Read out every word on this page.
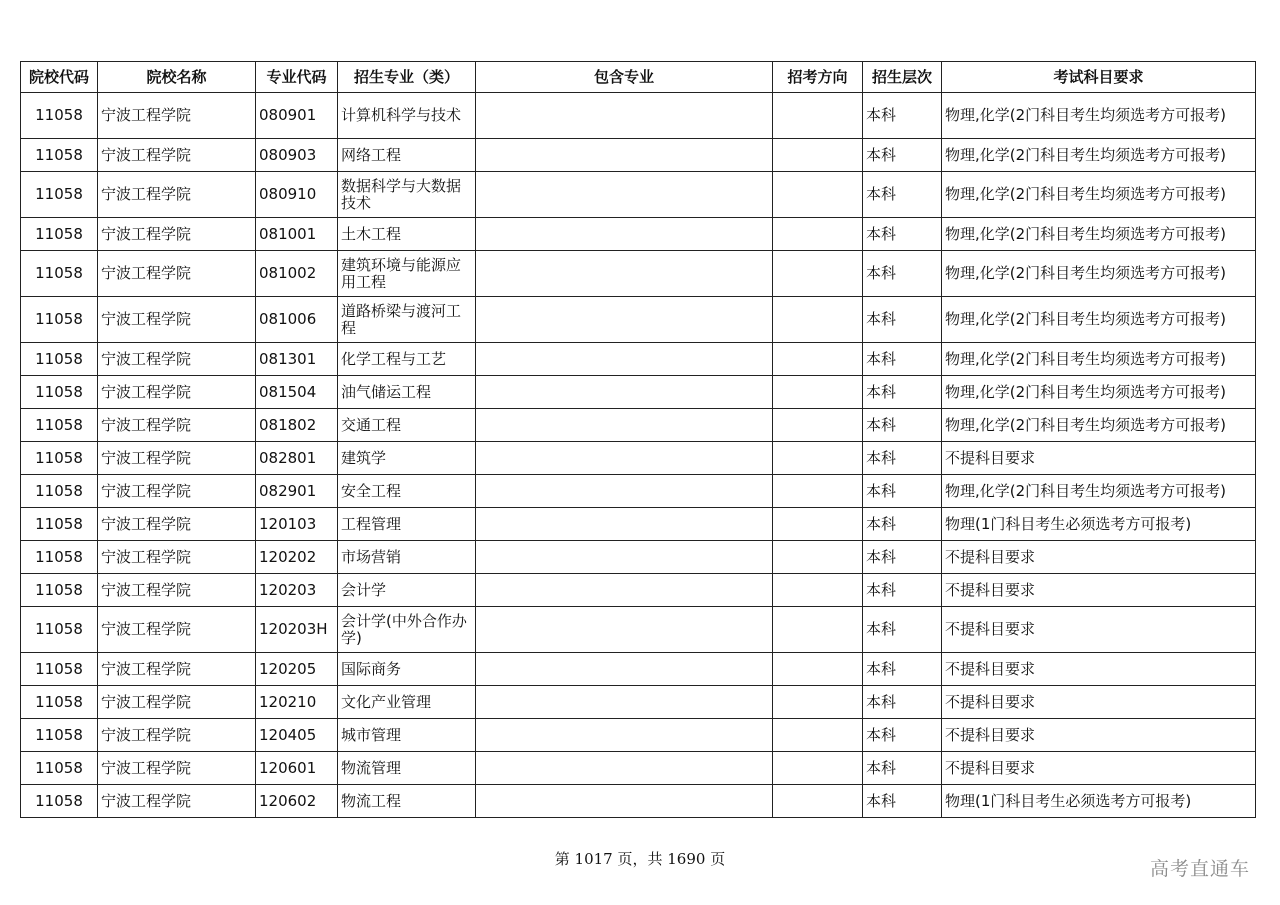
院校代码	院校名称	专业代码	招生专业（类）	包含专业	招考方向	招生层次	考试科目要求
11058	宁波工程学院	080901	计算机科学与技术			本科	物理,化学(2门科目考生均须选考方可报考)
11058	宁波工程学院	080903	网络工程			本科	物理,化学(2门科目考生均须选考方可报考)
11058	宁波工程学院	080910	数据科学与大数据技术			本科	物理,化学(2门科目考生均须选考方可报考)
11058	宁波工程学院	081001	土木工程			本科	物理,化学(2门科目考生均须选考方可报考)
11058	宁波工程学院	081002	建筑环境与能源应用工程			本科	物理,化学(2门科目考生均须选考方可报考)
11058	宁波工程学院	081006	道路桥梁与渡河工程			本科	物理,化学(2门科目考生均须选考方可报考)
11058	宁波工程学院	081301	化学工程与工艺			本科	物理,化学(2门科目考生均须选考方可报考)
11058	宁波工程学院	081504	油气储运工程			本科	物理,化学(2门科目考生均须选考方可报考)
11058	宁波工程学院	081802	交通工程			本科	物理,化学(2门科目考生均须选考方可报考)
11058	宁波工程学院	082801	建筑学			本科	不提科目要求
11058	宁波工程学院	082901	安全工程			本科	物理,化学(2门科目考生均须选考方可报考)
11058	宁波工程学院	120103	工程管理			本科	物理(1门科目考生必须选考方可报考)
11058	宁波工程学院	120202	市场营销			本科	不提科目要求
11058	宁波工程学院	120203	会计学			本科	不提科目要求
11058	宁波工程学院	120203H	会计学(中外合作办学)			本科	不提科目要求
11058	宁波工程学院	120205	国际商务			本科	不提科目要求
11058	宁波工程学院	120210	文化产业管理			本科	不提科目要求
11058	宁波工程学院	120405	城市管理			本科	不提科目要求
11058	宁波工程学院	120601	物流管理			本科	不提科目要求
11058	宁波工程学院	120602	物流工程			本科	物理(1门科目考生必须选考方可报考)
第 1017 页，共 1690 页	高考直通车
